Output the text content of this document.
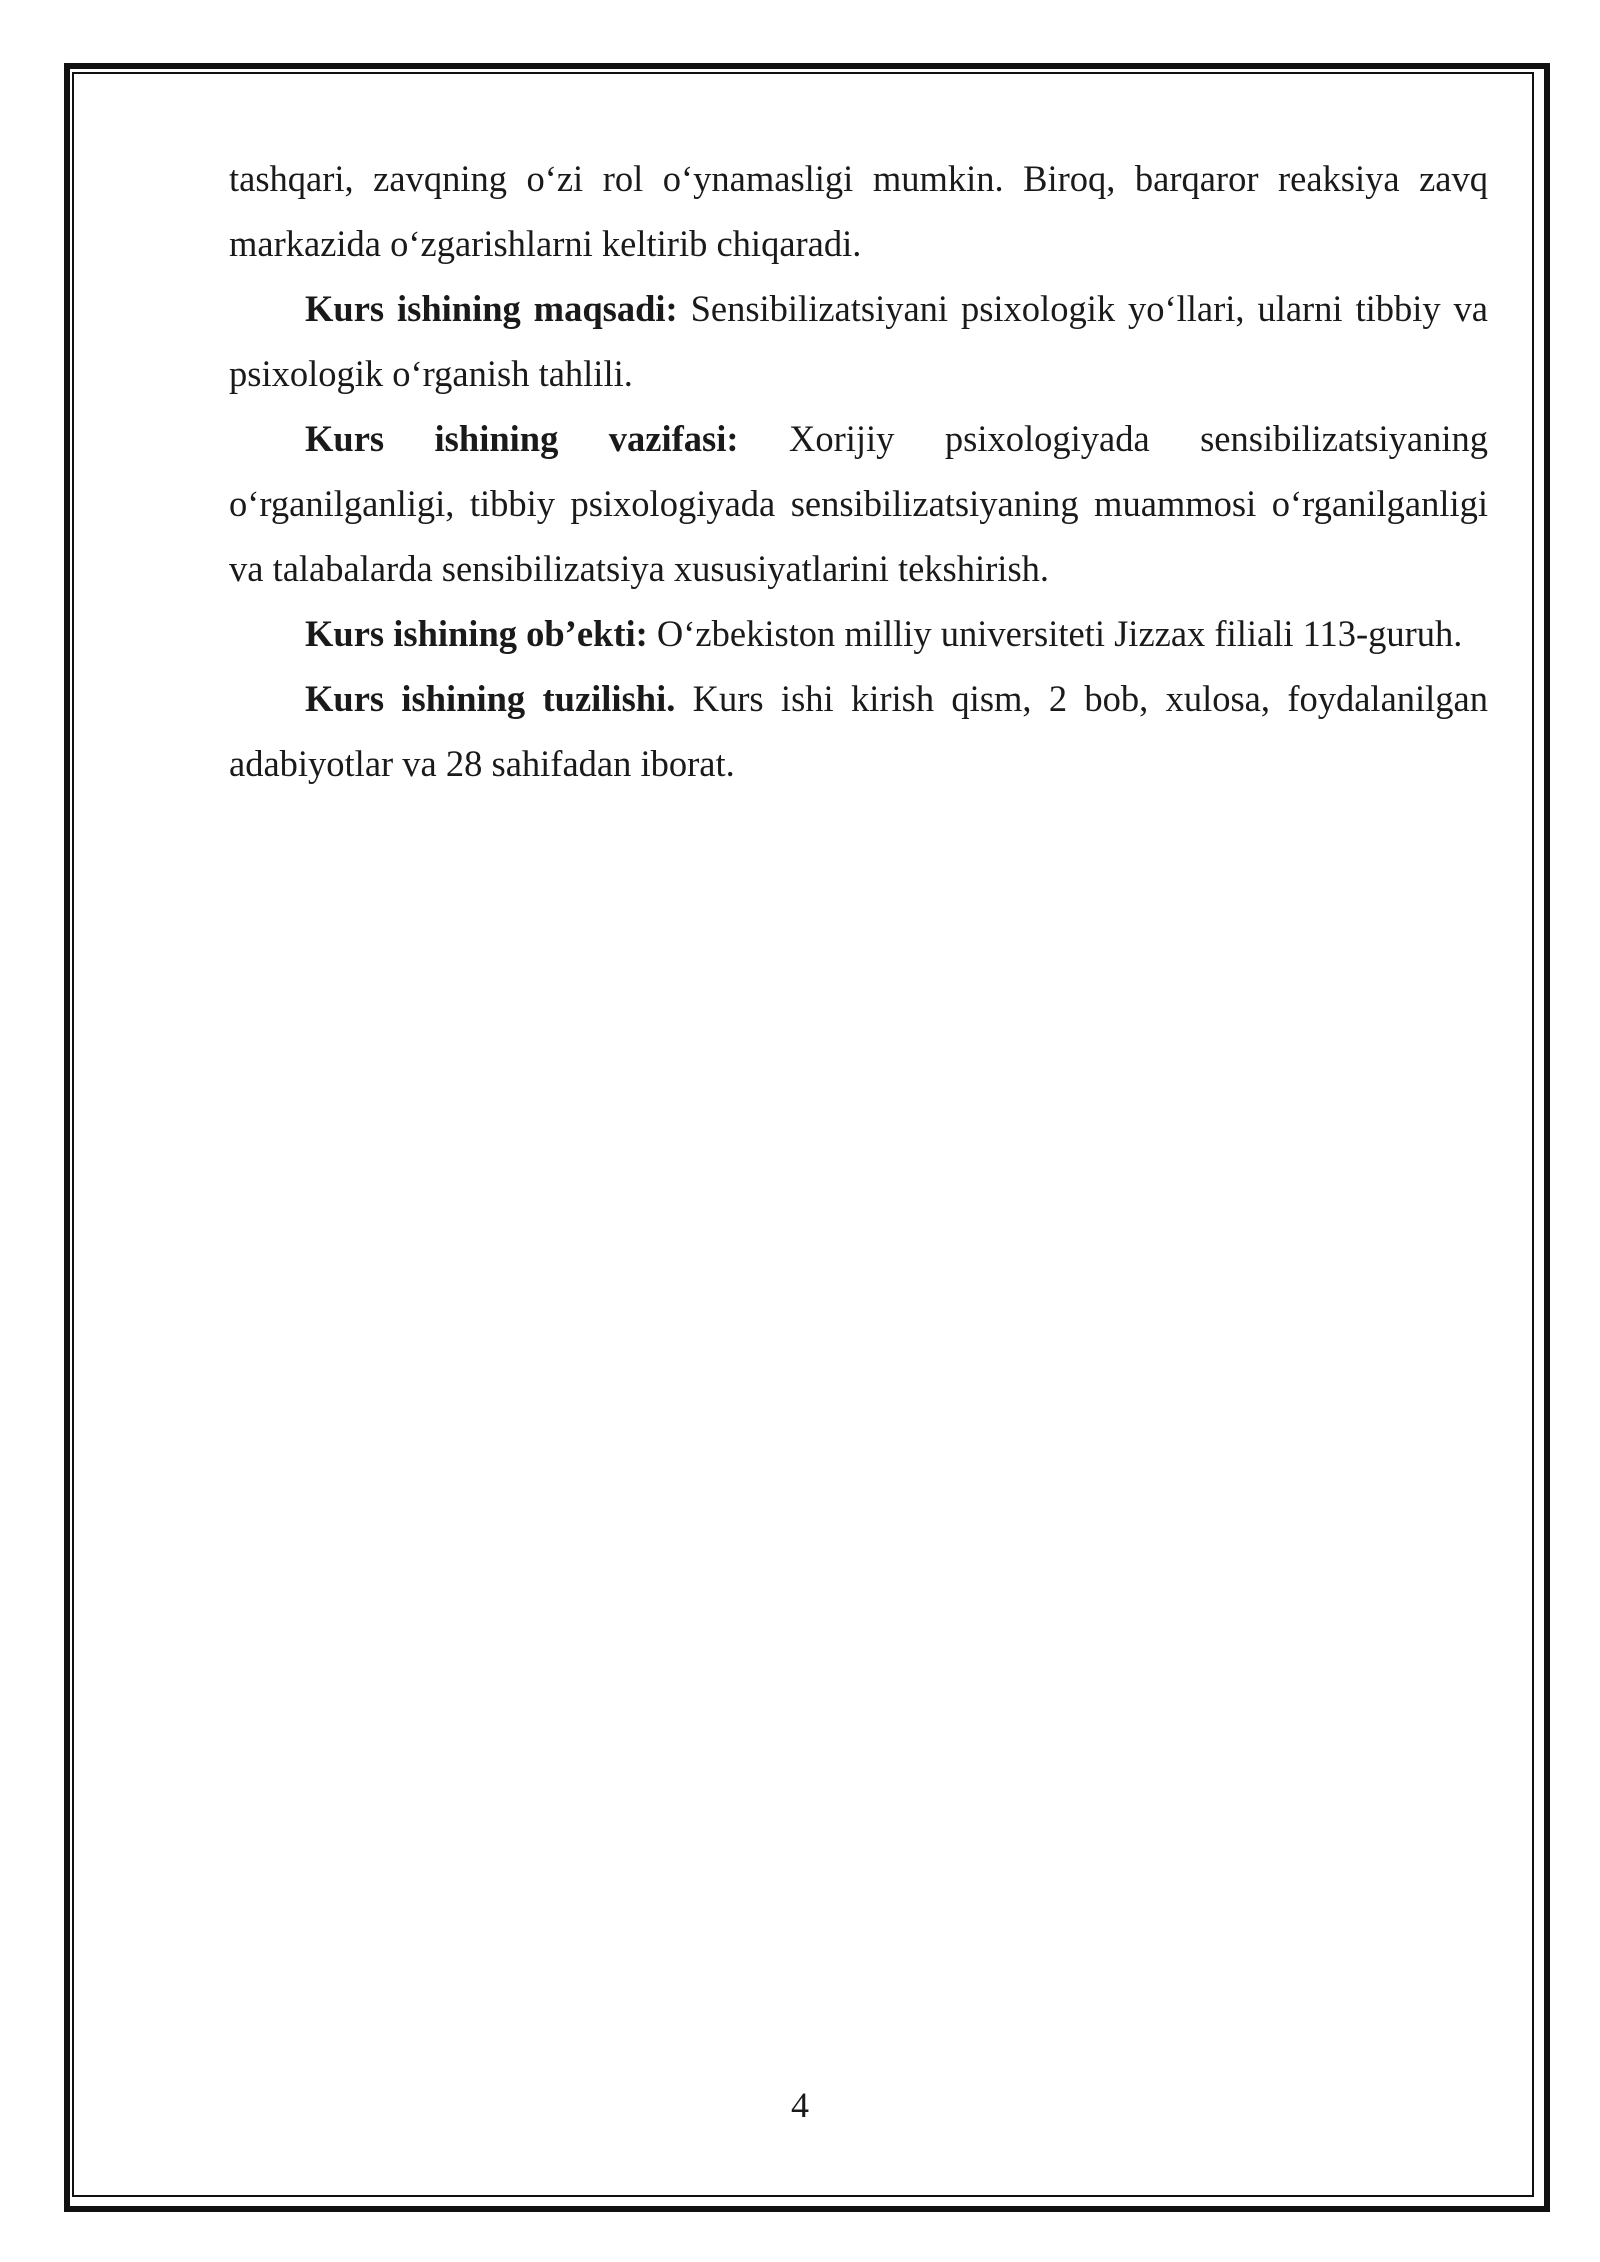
tashqari, zavqning o‘zi rol o‘ynamasligi mumkin. Biroq, barqaror reaksiya zavq markazida o‘zgarishlarni keltirib chiqaradi.

Kurs ishining maqsadi: Sensibilizatsiyani psixologik yo‘llari, ularni tibbiy va psixologik o‘rganish tahlili.

Kurs ishining vazifasi: Xorijiy psixologiyada sensibilizatsiyaning o‘rganilganligi, tibbiy psixologiyada sensibilizatsiyaning muammosi o‘rganilganligi va talabalarda sensibilizatsiya xususiyatlarini tekshirish.

Kurs ishining ob’ekti: O‘zbekiston milliy universiteti Jizzax filiali 113-guruh.

Kurs ishining tuzilishi. Kurs ishi kirish qism, 2 bob, xulosa, foydalanilgan adabiyotlar va 28 sahifadan iborat.

4
